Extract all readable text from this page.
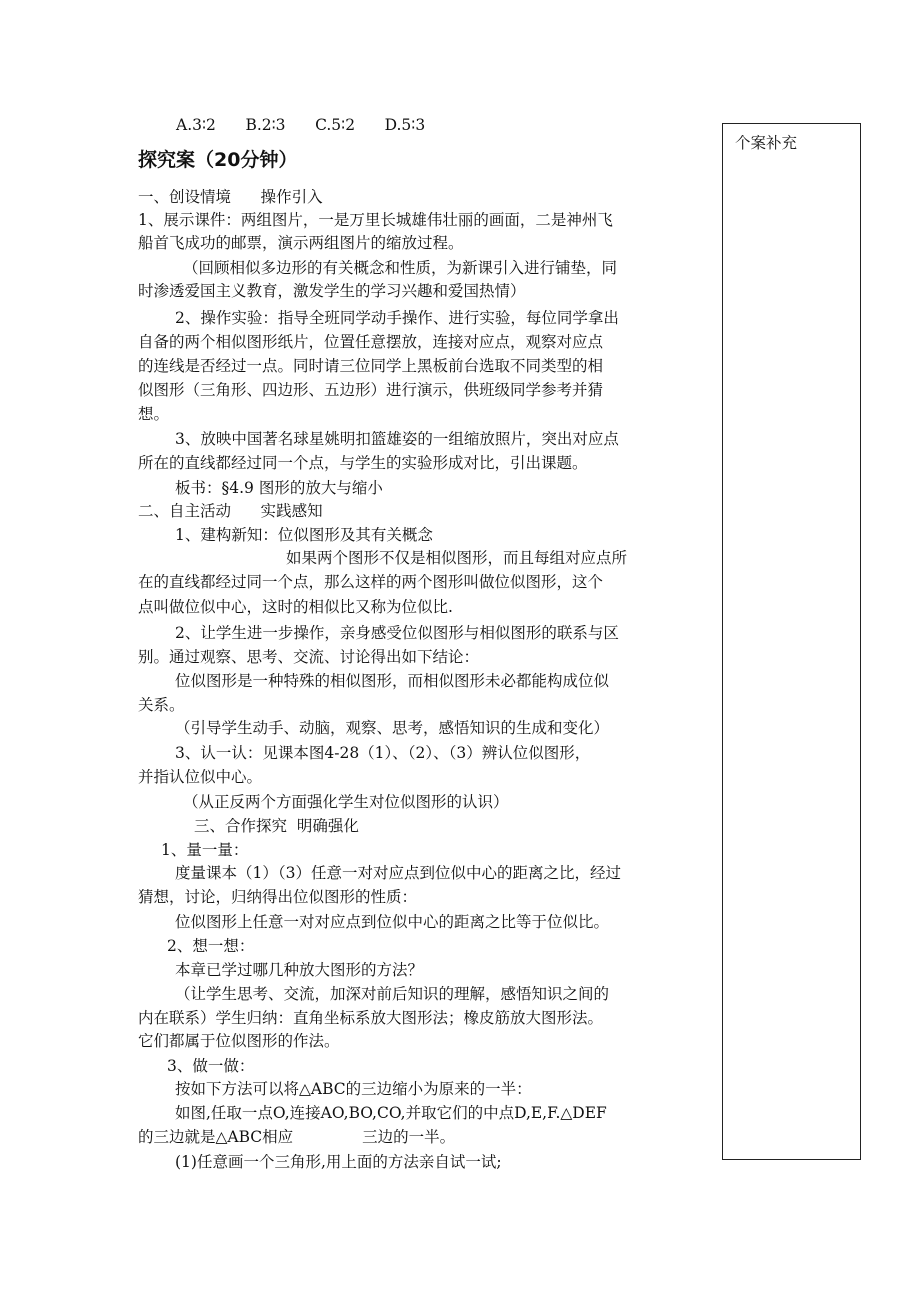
A.3∶2      B.2∶3      C.5∶2      D.5∶3
探究案（20分钟）
一、创设情境      操作引入
1、展示课件：两组图片，一是万里长城雄伟壮丽的画面，二是神州飞
船首飞成功的邮票，演示两组图片的缩放过程。
（回顾相似多边形的有关概念和性质，为新课引入进行铺垫，同
时渗透爱国主义教育，激发学生的学习兴趣和爱国热情）
2、操作实验：指导全班同学动手操作、进行实验，每位同学拿出
自备的两个相似图形纸片，位置任意摆放，连接对应点，观察对应点
的连线是否经过一点。同时请三位同学上黑板前台选取不同类型的相
似图形（三角形、四边形、五边形）进行演示，供班级同学参考并猜
想。
3、放映中国著名球星姚明扣篮雄姿的一组缩放照片，突出对应点
所在的直线都经过同一个点，与学生的实验形成对比，引出课题。
板书：§4.9 图形的放大与缩小
二、自主活动      实践感知
1、建构新知：位似图形及其有关概念
如果两个图形不仅是相似图形，而且每组对应点所
在的直线都经过同一个点，那么这样的两个图形叫做位似图形，这个
点叫做位似中心，这时的相似比又称为位似比.
2、让学生进一步操作，亲身感受位似图形与相似图形的联系与区
别。通过观察、思考、交流、讨论得出如下结论：
位似图形是一种特殊的相似图形，而相似图形未必都能构成位似
关系。
（引导学生动手、动脑，观察、思考，感悟知识的生成和变化）
3、认一认：见课本图4-28（1）、（2）、（3）辨认位似图形，
并指认位似中心。
（从正反两个方面强化学生对位似图形的认识）
三、合作探究  明确强化
1、量一量：
度量课本（1）（3）任意一对对应点到位似中心的距离之比，经过
猜想，讨论，归纳得出位似图形的性质：
位似图形上任意一对对应点到位似中心的距离之比等于位似比。
2、想一想：
本章已学过哪几种放大图形的方法？
（让学生思考、交流，加深对前后知识的理解，感悟知识之间的
内在联系）学生归纳：直角坐标系放大图形法；橡皮筋放大图形法。
它们都属于位似图形的作法。
3、做一做：
按如下方法可以将△ABC的三边缩小为原来的一半：
如图,任取一点O,连接AO,BO,CO,并取它们的中点D,E,F.△DEF
的三边就是△ABC相应              三边的一半。
(1)任意画一个三角形,用上面的方法亲自试一试;
个案补充
